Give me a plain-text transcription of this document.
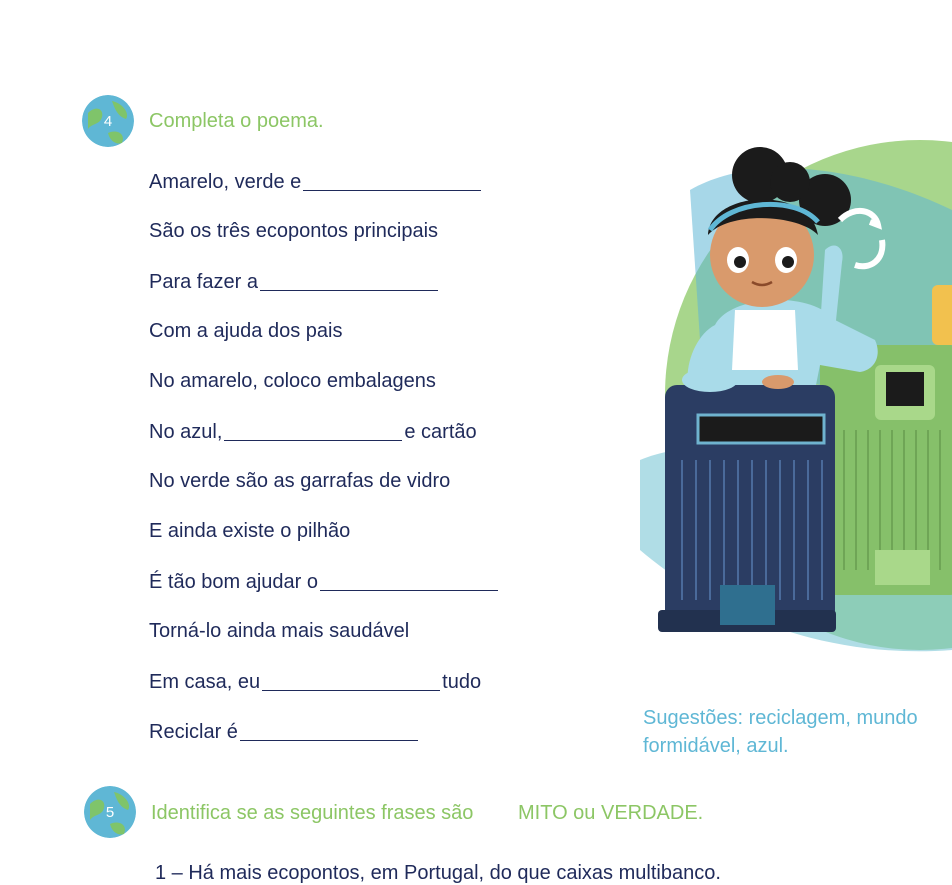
4	Completa o poema.
Amarelo, verde e
São os três ecopontos principais
Para fazer a
Com a ajuda dos pais
No amarelo, coloco embalagens
No azul,	e cartão
No verde são as garrafas de vidro
E ainda existe o pilhão
É tão bom ajudar o
Torná-lo ainda mais saudável
Em casa, eu	tudo
Reciclar é
Sugestões: reciclagem, mundo
formidável, azul.
5	Identifica se as seguintes frases são MITO ou VERDADE.
1 – Há mais ecopontos, em Portugal, do que caixas multibanco.
